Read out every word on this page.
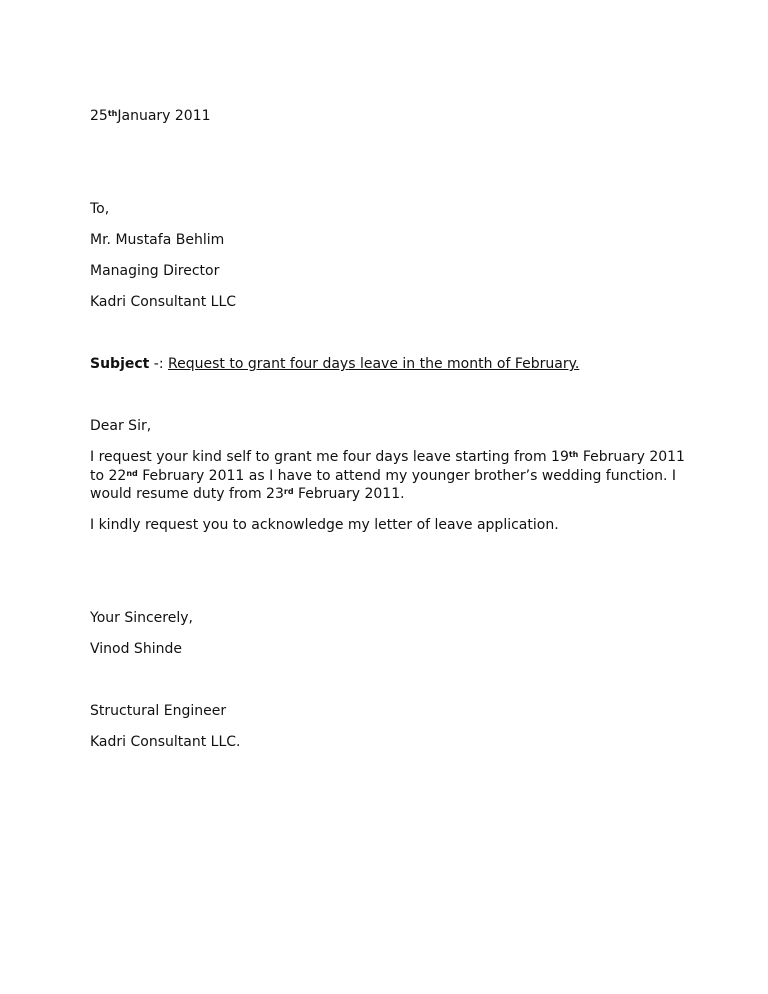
25thJanuary 2011
To,
Mr. Mustafa Behlim
Managing Director
Kadri Consultant LLC
Subject -: Request to grant four days leave in the month of February.
Dear Sir,
I request your kind self to grant me four days leave starting from 19th February 2011 to 22nd February 2011 as I have to attend my younger brother’s wedding function. I would resume duty from 23rd February 2011.
I kindly request you to acknowledge my letter of leave application.
Your Sincerely,
Vinod Shinde
Structural Engineer
Kadri Consultant LLC.
